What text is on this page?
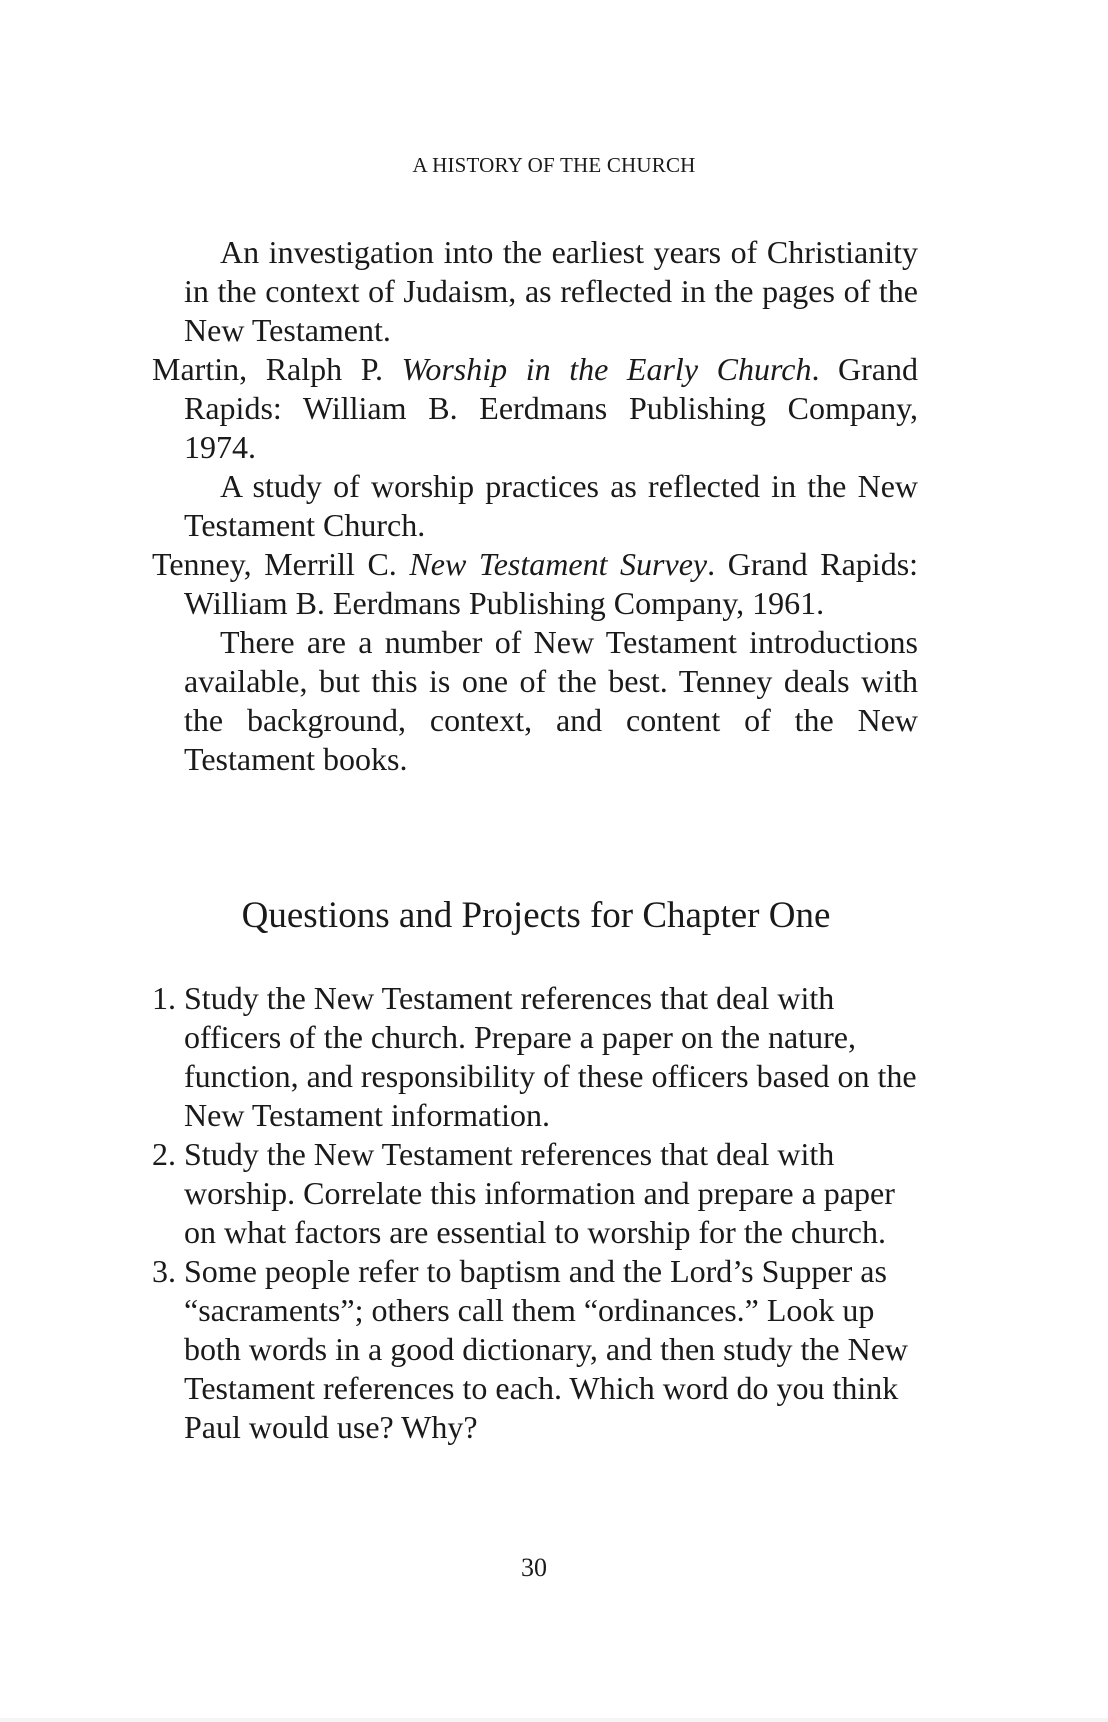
A HISTORY OF THE CHURCH

An investigation into the earliest years of Christianity in the context of Judaism, as reflected in the pages of the New Testament.

Martin, Ralph P. Worship in the Early Church. Grand Rapids: William B. Eerdmans Publishing Company, 1974.

A study of worship practices as reflected in the New Testament Church.

Tenney, Merrill C. New Testament Survey. Grand Rapids: William B. Eerdmans Publishing Company, 1961.

There are a number of New Testament introductions available, but this is one of the best. Tenney deals with the background, context, and content of the New Testament books.

Questions and Projects for Chapter One
1. Study the New Testament references that deal with officers of the church. Prepare a paper on the nature, function, and responsibility of these officers based on the New Testament information.
2. Study the New Testament references that deal with worship. Correlate this information and prepare a paper on what factors are essential to worship for the church.
3. Some people refer to baptism and the Lord’s Supper as “sacraments”; others call them “ordinances.” Look up both words in a good dictionary, and then study the New Testament references to each. Which word do you think Paul would use? Why?
30
